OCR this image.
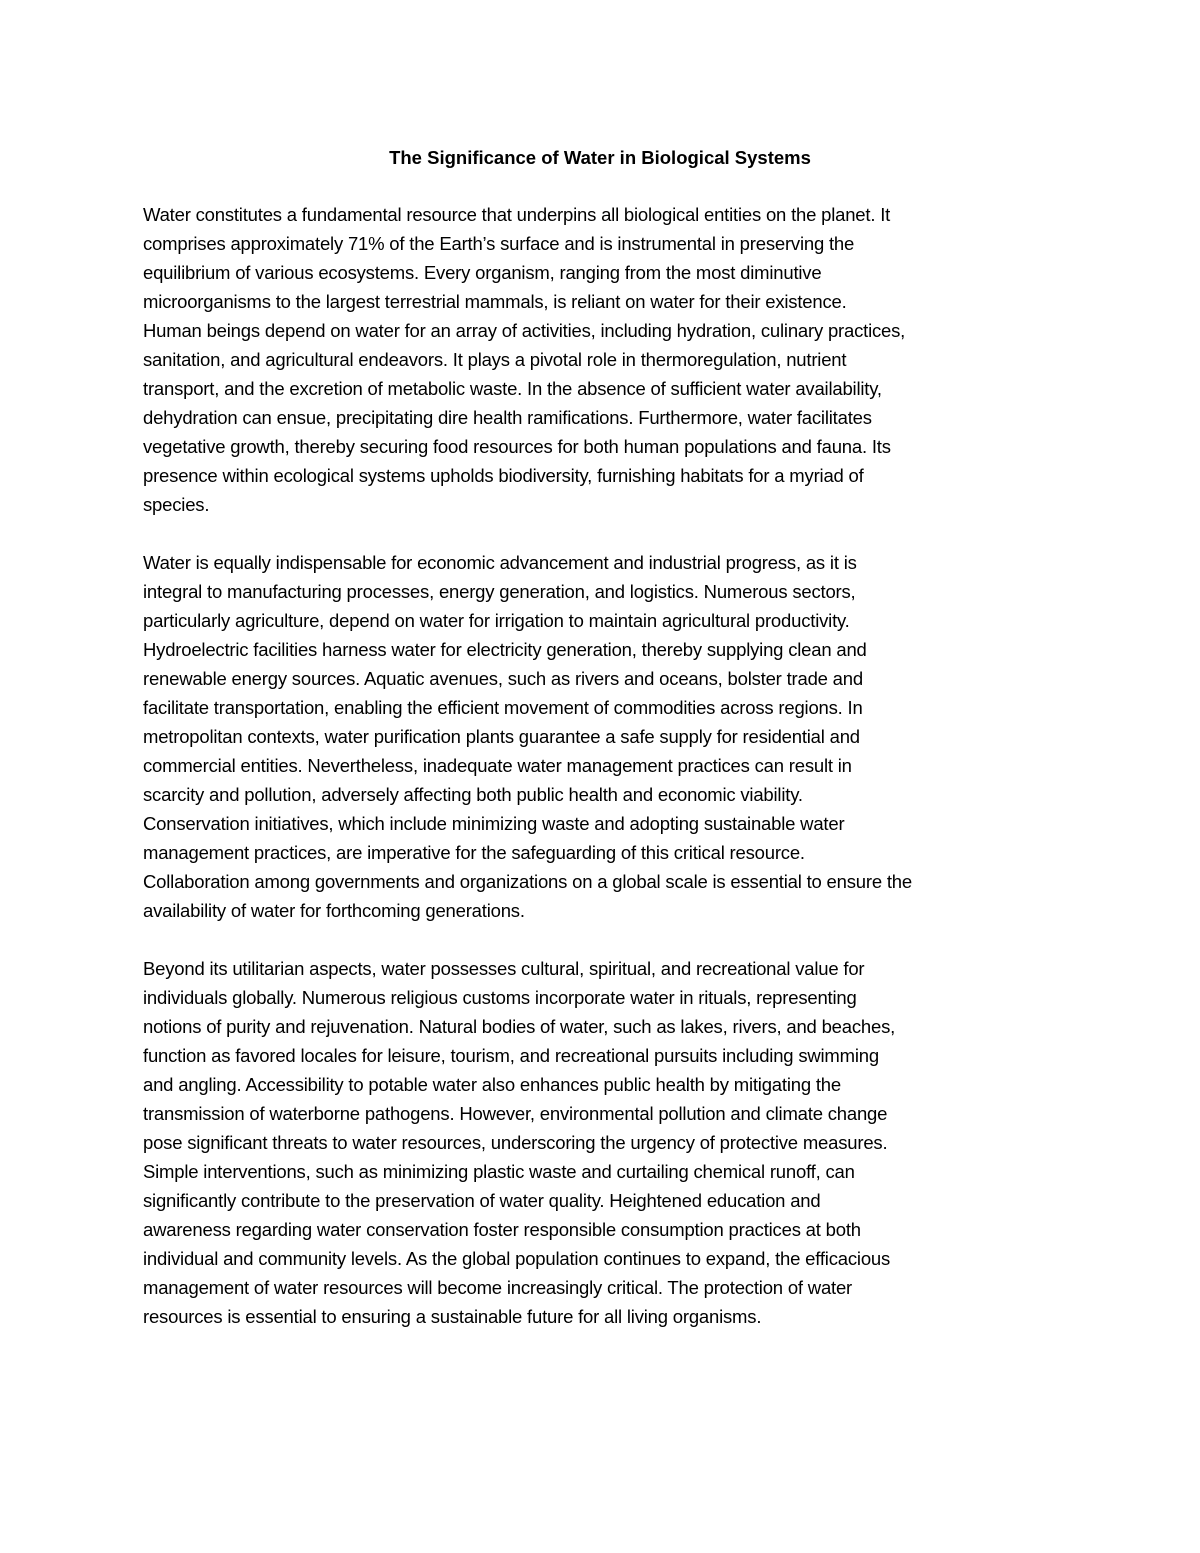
The Significance of Water in Biological Systems

Water constitutes a fundamental resource that underpins all biological entities on the planet. It
comprises approximately 71% of the Earth’s surface and is instrumental in preserving the
equilibrium of various ecosystems. Every organism, ranging from the most diminutive
microorganisms to the largest terrestrial mammals, is reliant on water for their existence.
Human beings depend on water for an array of activities, including hydration, culinary practices,
sanitation, and agricultural endeavors. It plays a pivotal role in thermoregulation, nutrient
transport, and the excretion of metabolic waste. In the absence of sufficient water availability,
dehydration can ensue, precipitating dire health ramifications. Furthermore, water facilitates
vegetative growth, thereby securing food resources for both human populations and fauna. Its
presence within ecological systems upholds biodiversity, furnishing habitats for a myriad of
species.

Water is equally indispensable for economic advancement and industrial progress, as it is
integral to manufacturing processes, energy generation, and logistics. Numerous sectors,
particularly agriculture, depend on water for irrigation to maintain agricultural productivity.
Hydroelectric facilities harness water for electricity generation, thereby supplying clean and
renewable energy sources. Aquatic avenues, such as rivers and oceans, bolster trade and
facilitate transportation, enabling the efficient movement of commodities across regions. In
metropolitan contexts, water purification plants guarantee a safe supply for residential and
commercial entities. Nevertheless, inadequate water management practices can result in
scarcity and pollution, adversely affecting both public health and economic viability.
Conservation initiatives, which include minimizing waste and adopting sustainable water
management practices, are imperative for the safeguarding of this critical resource.
Collaboration among governments and organizations on a global scale is essential to ensure the
availability of water for forthcoming generations.

Beyond its utilitarian aspects, water possesses cultural, spiritual, and recreational value for
individuals globally. Numerous religious customs incorporate water in rituals, representing
notions of purity and rejuvenation. Natural bodies of water, such as lakes, rivers, and beaches,
function as favored locales for leisure, tourism, and recreational pursuits including swimming
and angling. Accessibility to potable water also enhances public health by mitigating the
transmission of waterborne pathogens. However, environmental pollution and climate change
pose significant threats to water resources, underscoring the urgency of protective measures.
Simple interventions, such as minimizing plastic waste and curtailing chemical runoff, can
significantly contribute to the preservation of water quality. Heightened education and
awareness regarding water conservation foster responsible consumption practices at both
individual and community levels. As the global population continues to expand, the efficacious
management of water resources will become increasingly critical. The protection of water
resources is essential to ensuring a sustainable future for all living organisms.
